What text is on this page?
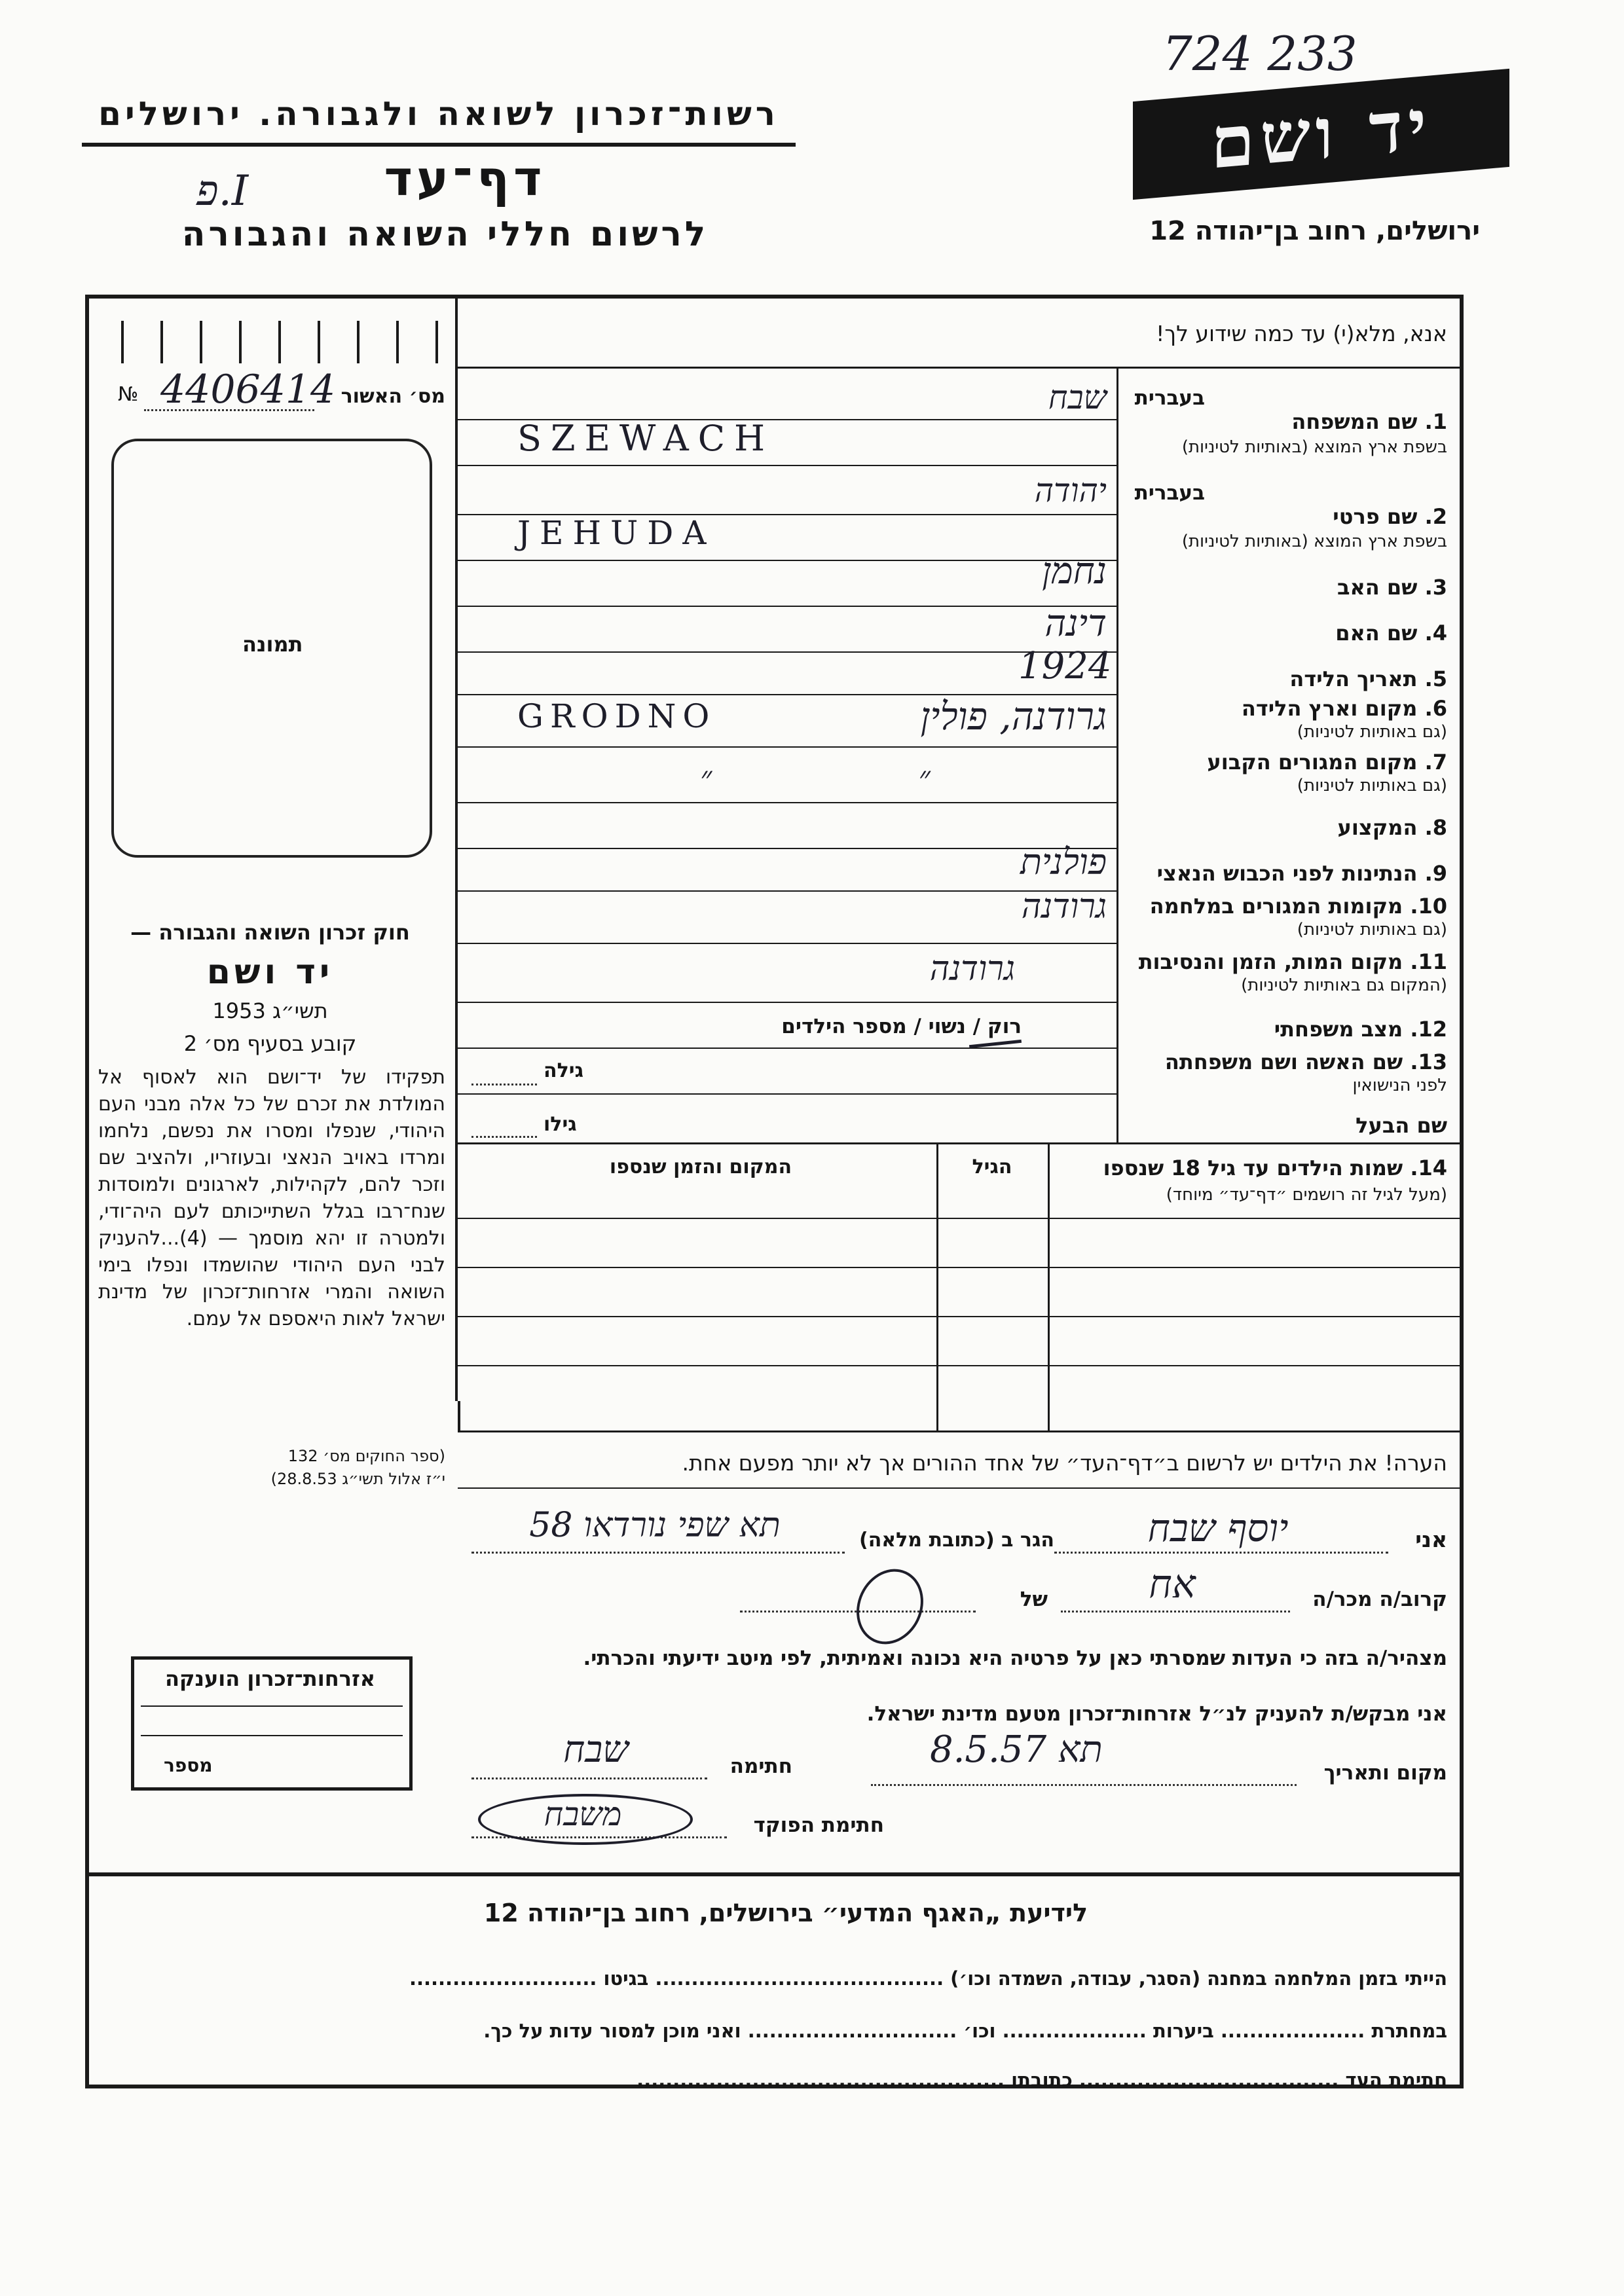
724 233
רשות־זכרון לשואה ולגבורה. ירושלים
דף־עד
פ.I
לרשום חללי השואה והגבורה
יד ושם
ירושלים, רחוב בן־יהודה 12
№ 4406414 מס׳ האשור
תמונה
חוק זכרון השואה והגבורה —
יד ושם
תשי״ג 1953
קובע בסעיף מס׳ 2
תפקידו של יד־ושם הוא לאסוף אל המולדת את זכרם של כל אלה מבני העם היהודי, שנפלו ומסרו את נפשם, נלחמו ומרדו באויב הנאצי ובעוזריו, ולהציב שם וזכר להם, לקהילות, לארגונים ולמוסדות שנח־רבו בגלל השתייכותם לעם היה־ודי, ולמטרה זו יהא מוסמך — (4)...להעניק לבני העם היהודי שהושמדו ונפלו בימי השואה והמרי אזרחות־זכרון של מדינת ישראל לאות היאספם אל עמם.
(ספר החוקים מס׳ 132
י״ז אלול תשי״ג 28.8.53)
אזרחות־זכרון הוענקה
מספר
אנא, מלא(י) עד כמה שידוע לך!
בעברית
1. שם המשפחה
בשפת ארץ המוצא (באותיות לטיניות)
בעברית
2. שם פרטי
בשפת ארץ המוצא (באותיות לטיניות)
3. שם האב
4. שם האם
5. תאריך הלידה
6. מקום וארץ הלידה
(גם באותיות לטיניות)
7. מקום המגורים הקבוע
(גם באותיות לטיניות)
8. המקצוע
9. הנתינות לפני הכבוש הנאצי
10. מקומות המגורים במלחמה
(גם באותיות לטיניות)
11. מקום המות, הזמן והנסיבות
(המקום גם באותיות לטיניות)
12. מצב משפחתי
13. שם האשה ושם משפחתה
לפני הנישואין
שם הבעל
שבח
SZEWACH
יהודה
JEHUDA
נחמן
דינה
1924
GRODNO	גרודנה, פולין
״ ״
פולנית
גרודנה
גרודנה
רוק / נשוי / מספר הילדים
גילה
גילו
14. שמות הילדים עד גיל 18 שנספו
(מעל לגיל זה רושמים ״דף־עד״ מיוחד)
הגיל
המקום והזמן שנספו
הערה! את הילדים יש לרשום ב״דף־העד״ של אחד ההורים אך לא יותר מפעם אחת.
אני
יוסף שבח
הגר ב (כתובת מלאה)
תא שפי נורדאו 58
קרוב/ה מכר/ה
אח
של
מצהיר/ה בזה כי העדות שמסרתי כאן על פרטיה היא נכונה ואמיתית, לפי מיטב ידיעתי והכרתי.
אני מבקש/ת להעניק לנ״ל אזרחות־זכרון מטעם מדינת ישראל.
מקום ותאריך
8.5.57 תא
חתימה
שבח
חתימת הפוקד
משבח
לידיעת „האגף המדעי״ בירושלים, רחוב בן־יהודה 12
הייתי בזמן המלחמה במחנה (הסגר, עבודה, השמדה וכו׳) ........................................ בגיטו ..........................
במחתרת .................... ביערות .................... וכו׳ ............................. ואני מוכן למסור עדות על כך.
חתימת העד .................................... כתובתו ...................................................
